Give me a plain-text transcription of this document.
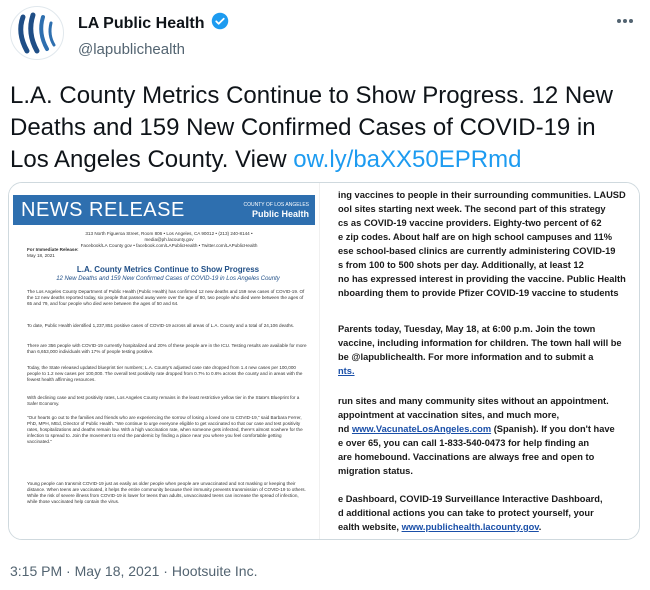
LA Public Health
@lapublichealth
L.A. County Metrics Continue to Show Progress. 12 New Deaths and 159 New Confirmed Cases of COVID-19 in Los Angeles County. View ow.ly/baXX50EPRmd
NEWS RELEASE	COUNTY OF LOS ANGELES
Public Health
313 North Figueroa Street, Room 806 • Los Angeles, CA 90012 • (213) 240-8144 • media@ph.lacounty.gov
Facebook/LA County gov • facebook.com/LAPublicHealth • Twitter.com/LAPublicHealth
For Immediate Release:
May 18, 2021
L.A. County Metrics Continue to Show Progress
12 New Deaths and 159 New Confirmed Cases of COVID-19 in Los Angeles County
The Los Angeles County Department of Public Health (Public Health) has confirmed 12 new deaths and 159 new cases of COVID-19. Of the 12 new deaths reported today, six people that passed away were over the age of 80, two people who died were between the ages of 65 and 79, and four people who died were between the ages of 50 and 64.
To date, Public Health identified 1,237,851 positive cases of COVID-19 across all areas of L.A. County and a total of 24,106 deaths.
There are 356 people with COVID-19 currently hospitalized and 20% of these people are in the ICU. Testing results are available for more than 6,653,000 individuals with 17% of people testing positive.
Today, the State released updated blueprint tier numbers; L.A. County's adjusted case rate dropped from 1.4 new cases per 100,000 people to 1.2 new cases per 100,000. The overall test positivity rate dropped from 0.7% to 0.6% across the county and in areas with the fewest health affirming resources.
With declining case and test positivity rates, Los Angeles County remains in the least restrictive yellow tier in the State's Blueprint for a Safer Economy.
"Our hearts go out to the families and friends who are experiencing the sorrow of losing a loved one to COVID-19," said Barbara Ferrer, PhD, MPH, MEd, Director of Public Health. "We continue to urge everyone eligible to get vaccinated so that our case and test positivity rates, hospitalizations and deaths remain low. With a high vaccination rate, when someone gets infected, there's almost nowhere for the infection to spread to. Join the movement to end the pandemic by finding a place near you where you feel comfortable getting vaccinated."
Young people can transmit COVID-19 just as easily as older people when people are unvaccinated and not masking or keeping their distance. When teens are vaccinated, it helps the entire community because their immunity prevents transmission of COVID-19 to others. While the risk of severe illness from COVID-19 is lower for teens than adults, unvaccinated teens can increase the spread of infection, while those vaccinated help contain the virus.
ing vaccines to people in their surrounding communities. LAUSD
ool sites starting next week. The second part of this strategy
cs as COVID-19 vaccine providers. Eighty-two percent of 62
e zip codes. About half are on high school campuses and 11%
ese school-based clinics are currently administering COVID-19
s from 100 to 500 shots per day. Additionally, at least 12
no has expressed interest in providing the vaccine. Public Health
nboarding them to provide Pfizer COVID-19 vaccine to students
Parents today, Tuesday, May 18, at 6:00 p.m. Join the town
vaccine, including information for children. The town hall will be
be @lapublichealth. For more information and to submit a
nts.
run sites and many community sites without an appointment.
appointment at vaccination sites, and much more,
nd www.VacunateLosAngeles.com (Spanish). If you don't have
e over 65, you can call 1-833-540-0473 for help finding an
are homebound. Vaccinations are always free and open to
migration status.
e Dashboard, COVID-19 Surveillance Interactive Dashboard,
d additional actions you can take to protect yourself, your
ealth website, www.publichealth.lacounty.gov.
3:15 PM · May 18, 2021 · Hootsuite Inc.
